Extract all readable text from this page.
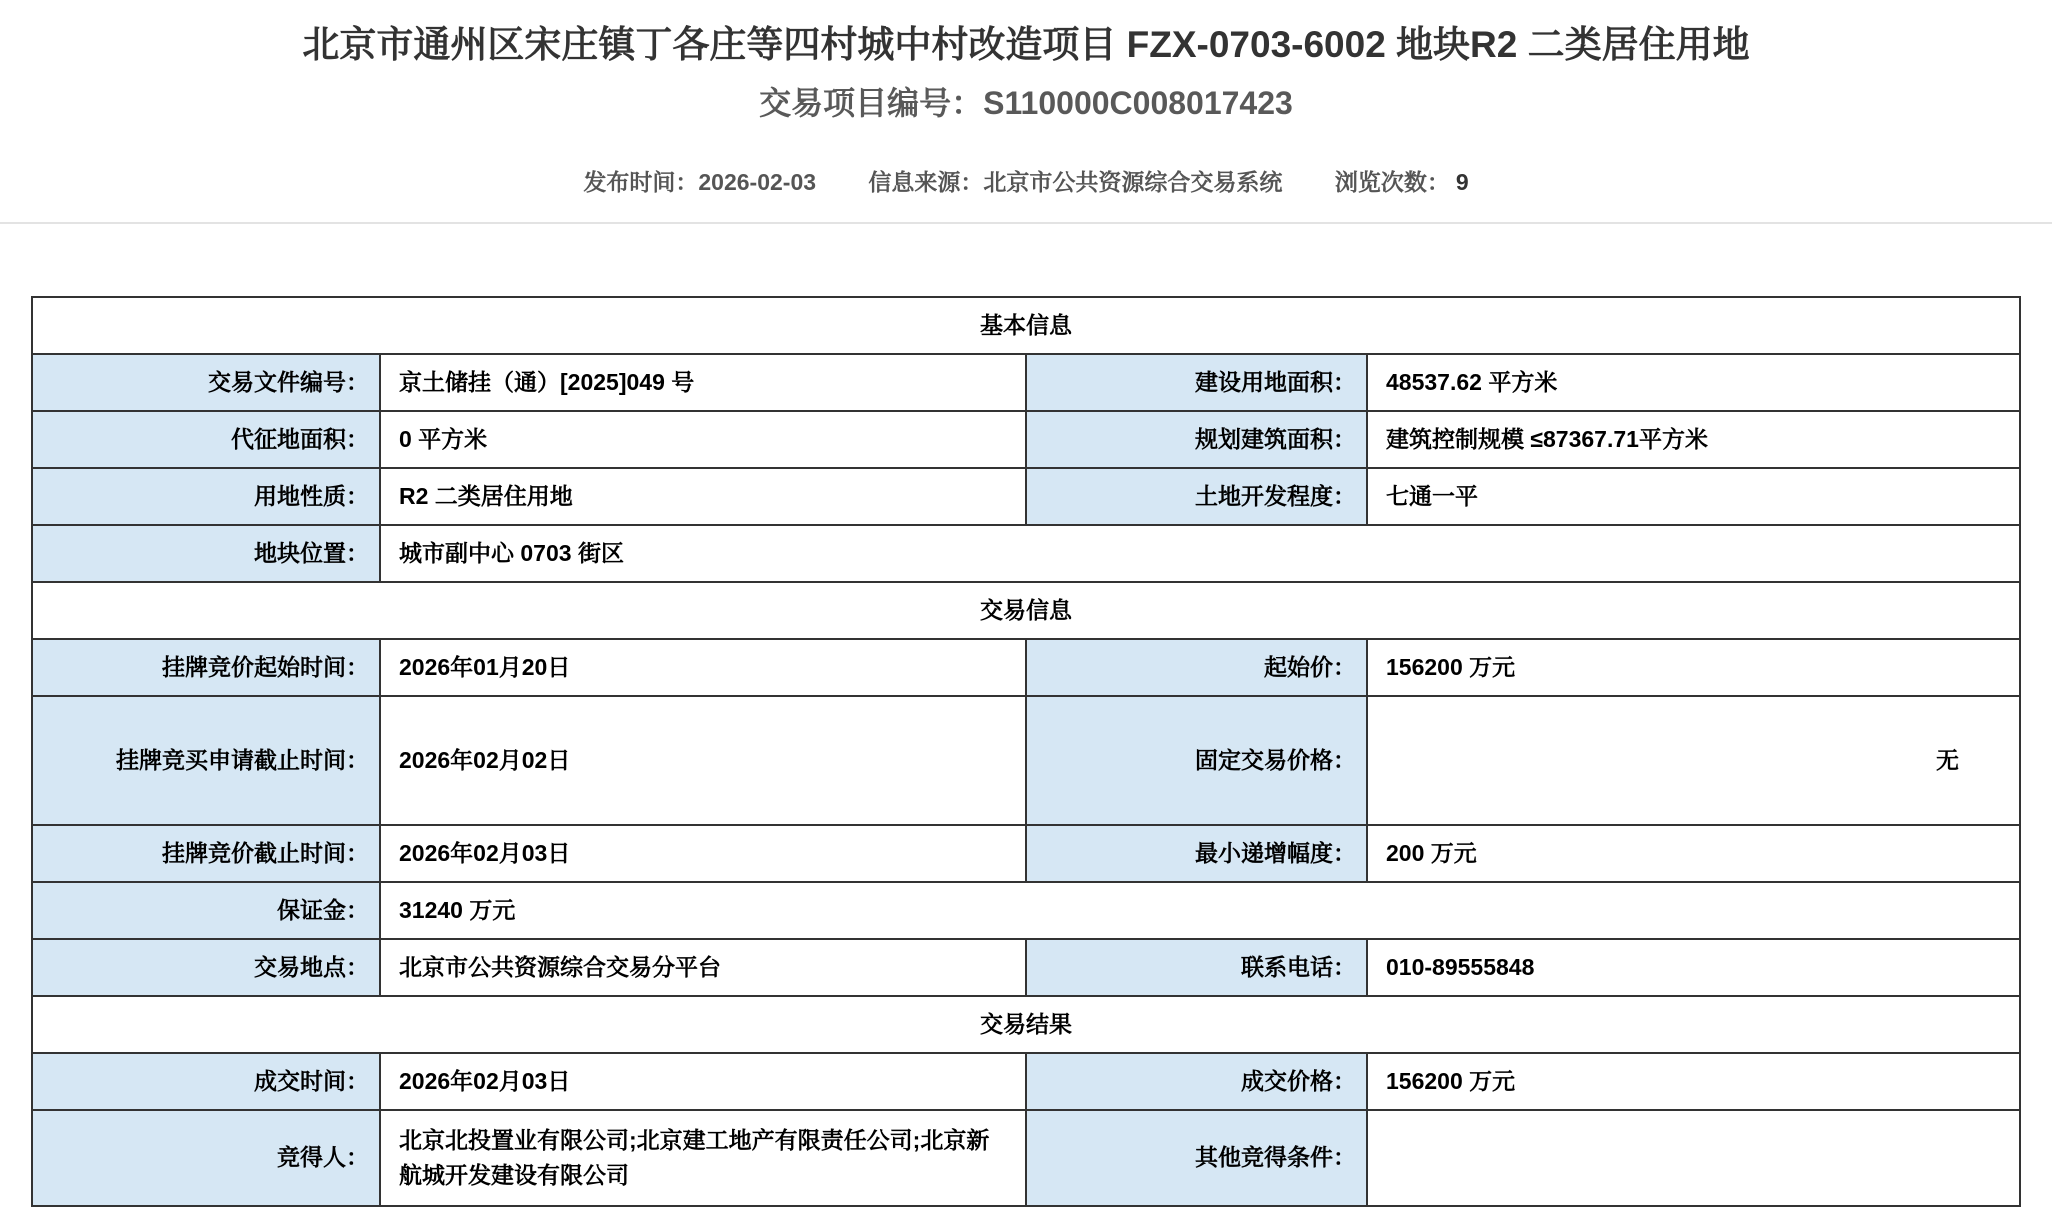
北京市通州区宋庄镇丁各庄等四村城中村改造项目 FZX-0703-6002 地块R2 二类居住用地
交易项目编号：S110000C008017423
发布时间：2026-02-03 信息来源：北京市公共资源综合交易系统 浏览次数： 9
基本信息			
交易文件编号：	京土储挂（通）[2025]049 号	建设用地面积：	48537.62 平方米
代征地面积：	0 平方米	规划建筑面积：	建筑控制规模 ≤87367.71平方米
用地性质：	R2 二类居住用地	土地开发程度：	七通一平
地块位置：	城市副中心 0703 街区		
交易信息			
挂牌竞价起始时间：	2026年01月20日	起始价：	156200 万元
挂牌竞买申请截止时间：	2026年02月02日	固定交易价格：	无
挂牌竞价截止时间：	2026年02月03日	最小递增幅度：	200 万元
保证金：	31240 万元		
交易地点：	北京市公共资源综合交易分平台	联系电话：	010-89555848
交易结果			
成交时间：	2026年02月03日	成交价格：	156200 万元
竞得人：	北京北投置业有限公司;北京建工地产有限责任公司;北京新航城开发建设有限公司	其他竞得条件：	
